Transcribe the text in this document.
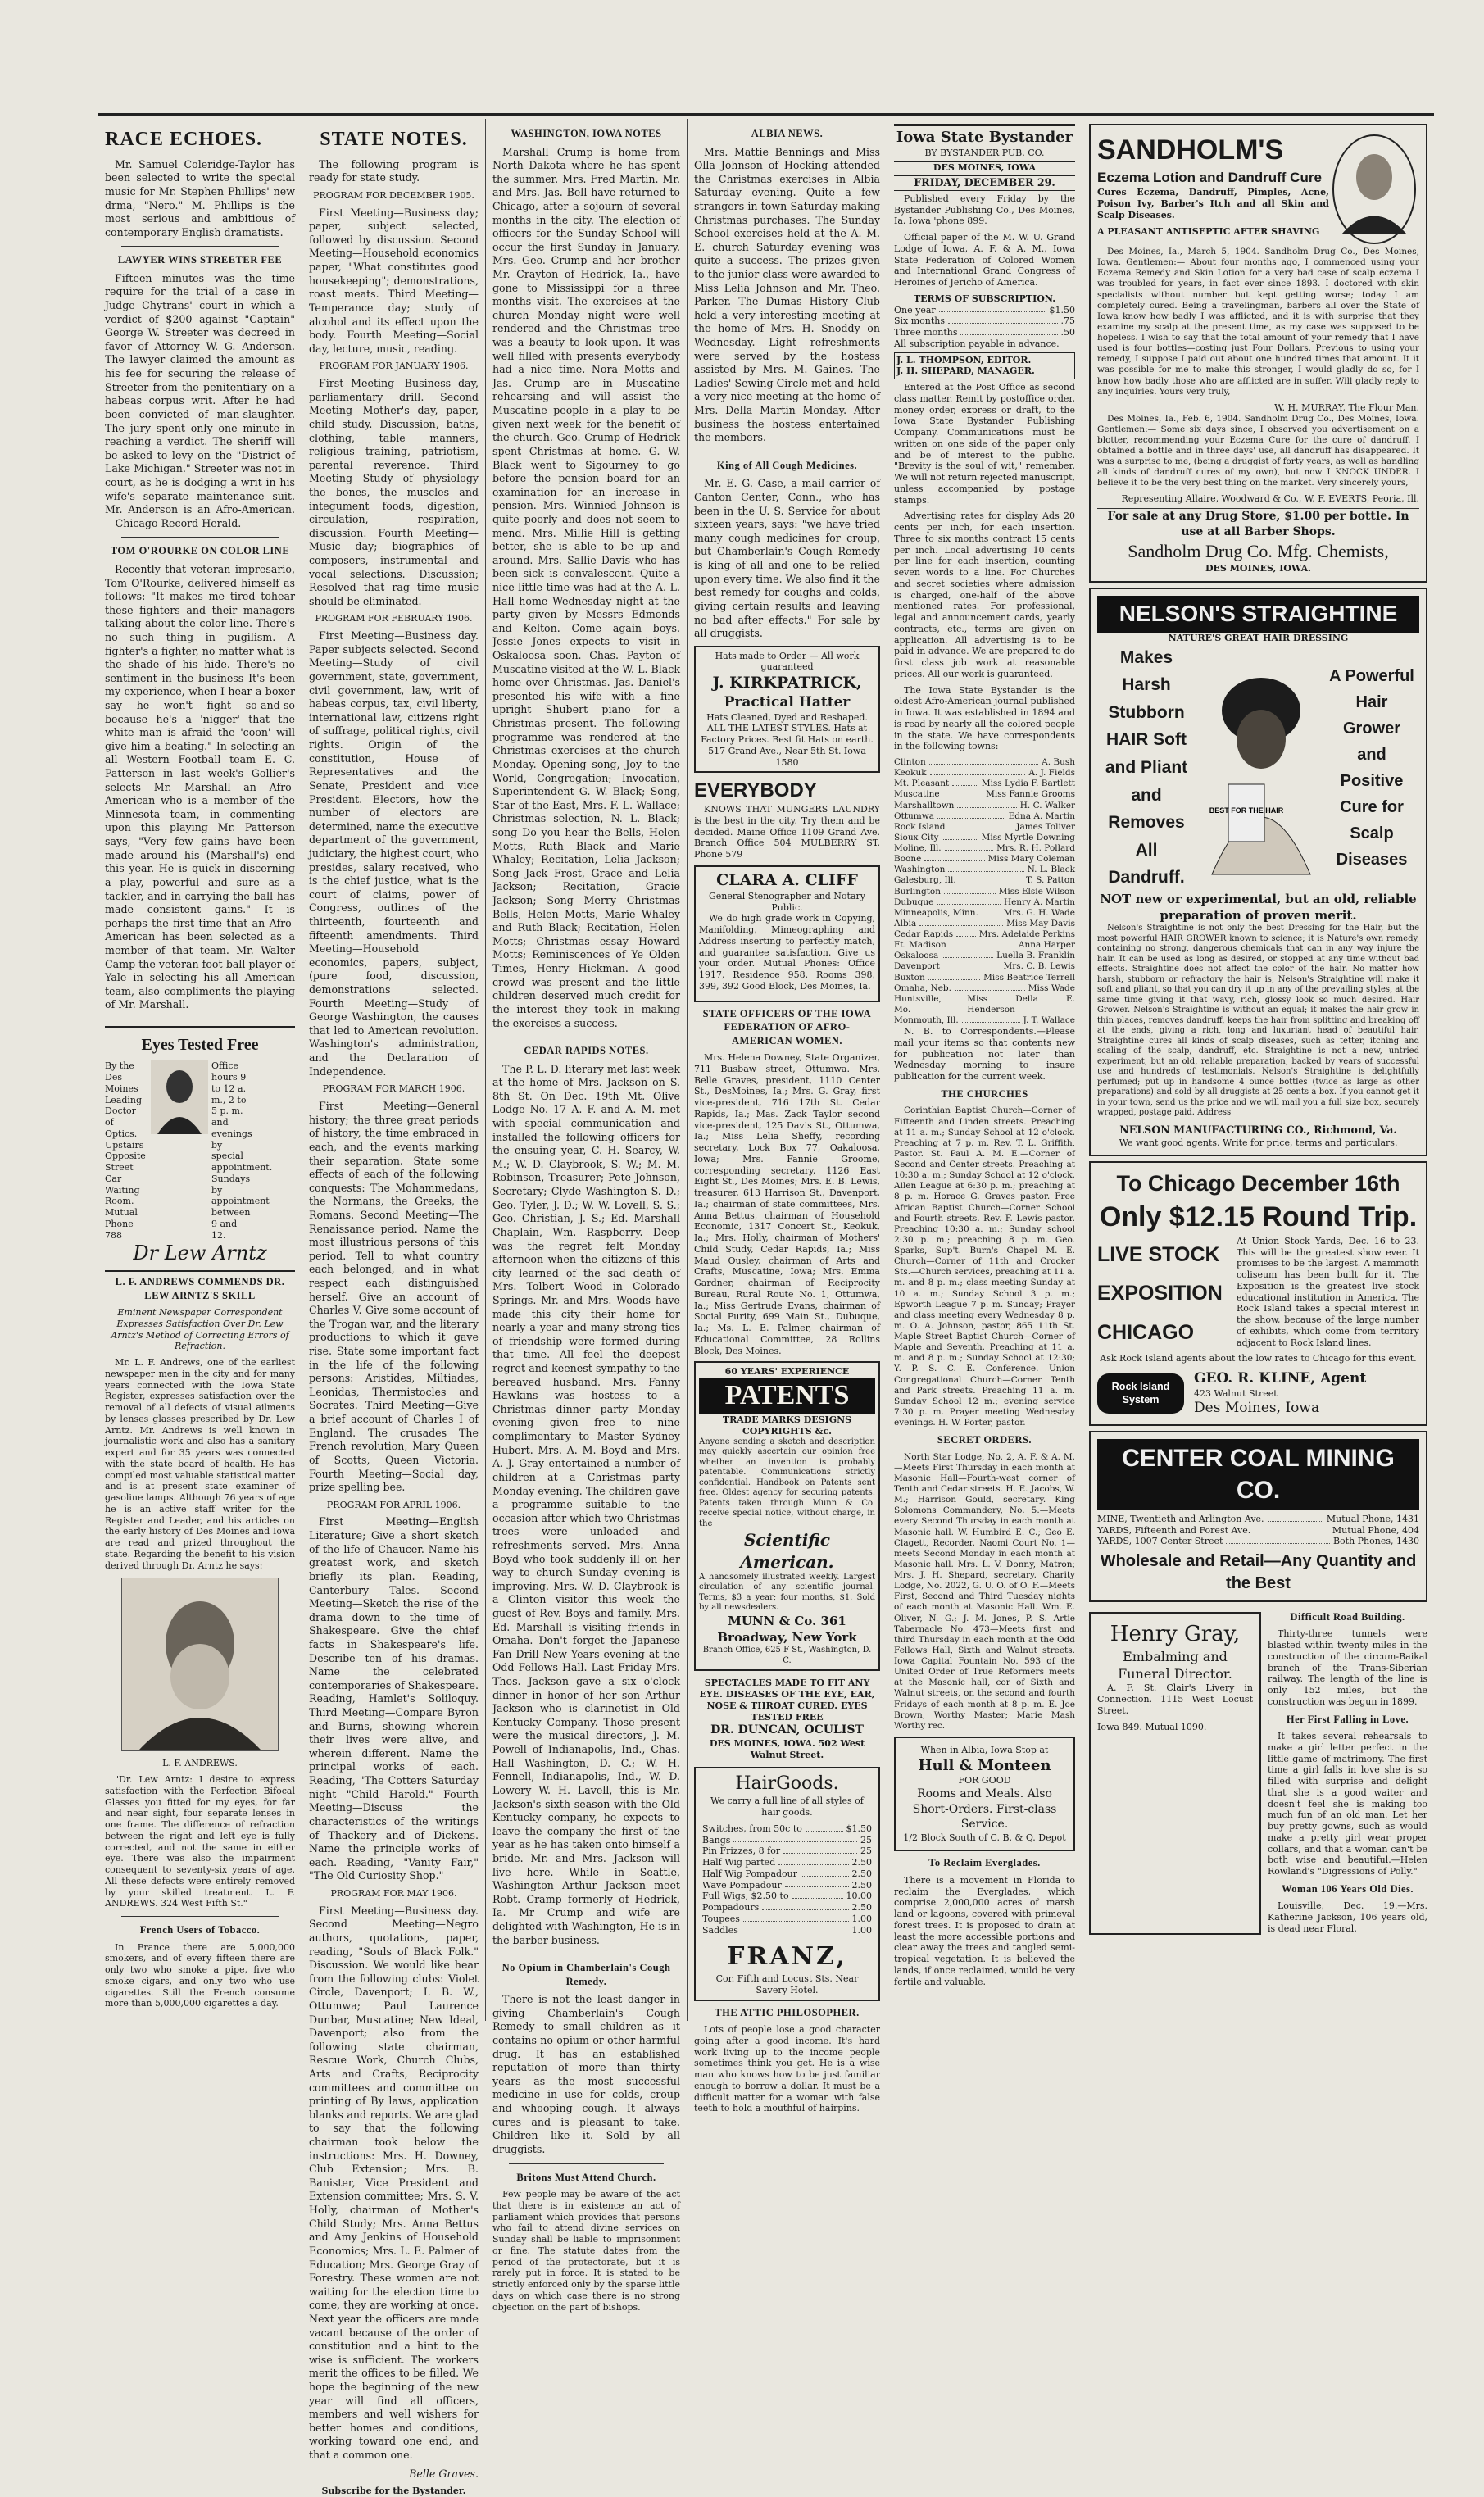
RACE ECHOES.

Mr. Samuel Coleridge-Taylor has been selected to write the special music for Mr. Stephen Phillips' new drma, "Nero." M. Phillips is the most serious and ambitious of contemporary English dramatists.

LAWYER WINS STREETER FEE

Fifteen minutes was the time require for the trial of a case in Judge Chytrans' court in which a verdict of $200 against "Captain" George W. Streeter was decreed in favor of Attorney W. G. Anderson. The lawyer claimed the amount as his fee for securing the release of Streeter from the penitentiary on a habeas corpus writ. After he had been convicted of man-slaughter. The jury spent only one minute in reaching a verdict. The sheriff will be asked to levy on the "District of Lake Michigan." Streeter was not in court, as he is dodging a writ in his wife's separate maintenance suit. Mr. Anderson is an Afro-American.—Chicago Record Herald.

TOM O'ROURKE ON COLOR LINE

Recently that veteran impresario, Tom O'Rourke, delivered himself as follows: "It makes me tired tohear these fighters and their managers talking about the color line. There's no such thing in pugilism. A fighter's a fighter, no matter what is the shade of his hide. There's no sentiment in the business It's been my experience, when I hear a boxer say he won't fight so-and-so because he's a 'nigger' that the white man is afraid the 'coon' will give him a beating." In selecting an all Western Football team E. C. Patterson in last week's Gollier's selects Mr. Marshall an Afro-American who is a member of the Minnesota team, in commenting upon this playing Mr. Patterson says, "Very few gains have been made around his (Marshall's) end this year. He is quick in discerning a play, powerful and sure as a tackler, and in carrying the ball has made consistent gains." It is perhaps the first time that an Afro-American has been selected as a member of that team. Mr. Walter Camp the veteran foot-ball player of Yale in selecting his all American team, also compliments the playing of Mr. Marshall.

Eyes Tested Free
By the Des Moines Leading Doctor of Optics. Upstairs Opposite Street Car Waiting Room. Mutual Phone 788
Office hours 9 to 12 a. m., 2 to 5 p. m. and evenings by special appointment. Sundays by appointment between 9 and 12.
Dr Lew Arntz
L. F. ANDREWS COMMENDS DR. LEW ARNTZ'S SKILL

Eminent Newspaper Correspondent Expresses Satisfaction Over Dr. Lew Arntz's Method of Correcting Errors of Refraction.

Mr. L. F. Andrews, one of the earliest newspaper men in the city and for many years connected with the Iowa State Register, expresses satisfaction over the removal of all defects of visual ailments by lenses glasses prescribed by Dr. Lew Arntz. Mr. Andrews is well known in journalistic work and also has a sanitary expert and for 35 years was connected with the state board of health. He has compiled most valuable statistical matter and is at present state examiner of gasoline lamps. Although 76 years of age he is an active staff writer for the Register and Leader, and his articles on the early history of Des Moines and Iowa are read and prized throughout the state. Regarding the benefit to his vision derived through Dr. Arntz he says:

L. F. ANDREWS.

"Dr. Lew Arntz: I desire to express satisfaction with the Perfection Bifocal Glasses you fitted for my eyes, for far and near sight, four separate lenses in one frame. The difference of refraction between the right and left eye is fully corrected, and not the same in either eye. There was also the impairment consequent to seventy-six years of age. All these defects were entirely removed by your skilled treatment. L. F. ANDREWS. 324 West Fifth St."

French Users of Tobacco.

In France there are 5,000,000 smokers, and of every fifteen there are only two who smoke a pipe, five who smoke cigars, and only two who use cigarettes. Still the French consume more than 5,000,000 cigarettes a day.

STATE NOTES.

The following program is ready for state study.

PROGRAM FOR DECEMBER 1905.

First Meeting—Business day; paper, subject selected, followed by discussion. Second Meeting—Household economics paper, "What constitutes good housekeeping"; demonstrations, roast meats. Third Meeting—Temperance day; study of alcohol and its effect upon the body. Fourth Meeting—Social day, lecture, music, reading.

PROGRAM FOR JANUARY 1906.

First Meeting—Business day, parliamentary drill. Second Meeting—Mother's day, paper, child study. Discussion, baths, clothing, table manners, religious training, patriotism, parental reverence. Third Meeting—Study of physiology the bones, the muscles and integument foods, digestion, circulation, respiration, discussion. Fourth Meeting—Music day; biographies of composers, instrumental and vocal selections. Discussion; Resolved that rag time music should be eliminated.

PROGRAM FOR FEBRUARY 1906.

First Meeting—Business day. Paper subjects selected. Second Meeting—Study of civil government, state, government, civil government, law, writ of habeas corpus, tax, civil liberty, international law, citizens right of suffrage, political rights, civil rights. Origin of the constitution, House of Representatives and the Senate, President and vice President. Electors, how the number of electors are determined, name the executive department of the government, judiciary, the highest court, who presides, salary received, who is the chief justice, what is the court of claims, power of Congress, outlines of the thirteenth, fourteenth and fifteenth amendments. Third Meeting—Household economics, papers, subject, (pure food, discussion, demonstrations selected. Fourth Meeting—Study of George Washington, the causes that led to American revolution. Washington's administration, and the Declaration of Independence.

PROGRAM FOR MARCH 1906.

First Meeting—General history; the three great periods of history, the time embraced in each, and the events marking their separation. State some effects of each of the following conquests: The Mohammedans, the Normans, the Greeks, the Romans. Second Meeting—The Renaissance period. Name the most illustrious persons of this period. Tell to what country each belonged, and in what respect each distinguished herself. Give an account of Charles V. Give some account of the Trogan war, and the literary productions to which it gave rise. State some important fact in the life of the following persons: Aristides, Miltiades, Leonidas, Thermistocles and Socrates. Third Meeting—Give a brief account of Charles I of England. The crusades The French revolution, Mary Queen of Scotts, Queen Victoria. Fourth Meeting—Social day, prize spelling bee.

PROGRAM FOR APRIL 1906.

First Meeting—English Literature; Give a short sketch of the life of Chaucer. Name his greatest work, and sketch briefly its plan. Reading, Canterbury Tales. Second Meeting—Sketch the rise of the drama down to the time of Shakespeare. Give the chief facts in Shakespeare's life. Describe ten of his dramas. Name the celebrated contemporaries of Shakespeare. Reading, Hamlet's Soliloquy. Third Meeting—Compare Byron and Burns, showing wherein their lives were alive, and wherein different. Name the principal works of each. Reading, "The Cotters Saturday night "Child Harold." Fourth Meeting—Discuss the characteristics of the writings of Thackery and of Dickens. Name the principle works of each. Reading, "Vanity Fair," "The Old Curiosity Shop."

PROGRAM FOR MAY 1906.

First Meeting—Business day. Second Meeting—Negro authors, quotations, paper, reading, "Souls of Black Folk." Discussion. We would like hear from the following clubs: Violet Circle, Davenport; I. B. W., Ottumwa; Paul Laurence Dunbar, Muscatine; New Ideal, Davenport; also from the following state chairman, Rescue Work, Church Clubs, Arts and Crafts, Reciprocity committees and committee on printing of By laws, application blanks and reports. We are glad to say that the following chairman took below the instructions: Mrs. H. Downey, Club Extension; Mrs. B. Banister, Vice President and Extension committee; Mrs. S. V. Holly, chairman of Mother's Child Study; Mrs. Anna Bettus and Amy Jenkins of Household Economics; Mrs. L. E. Palmer of Education; Mrs. George Gray of Forestry. These women are not waiting for the election time to come, they are working at once. Next year the officers are made vacant because of the order of constitution and a hint to the wise is sufficient. The workers merit the offices to be filled. We hope the beginning of the new year will find all officers, members and well wishers for better homes and conditions, working toward one end, and that a common one.

Belle Graves.

Subscribe for the Bystander.

WASHINGTON, IOWA NOTES

Marshall Crump is home from North Dakota where he has spent the summer. Mrs. Fred Martin. Mr. and Mrs. Jas. Bell have returned to Chicago, after a sojourn of several months in the city. The election of officers for the Sunday School will occur the first Sunday in January. Mrs. Geo. Crump and her brother Mr. Crayton of Hedrick, Ia., have gone to Mississippi for a three months visit. The exercises at the church Monday night were well rendered and the Christmas tree was a beauty to look upon. It was well filled with presents everybody had a nice time. Nora Motts and Jas. Crump are in Muscatine rehearsing and will assist the Muscatine people in a play to be given next week for the benefit of the church. Geo. Crump of Hedrick spent Christmas at home. G. W. Black went to Sigourney to go before the pension board for an examination for an increase in pension. Mrs. Winnied Johnson is quite poorly and does not seem to mend. Mrs. Millie Hill is getting better, she is able to be up and around. Mrs. Sallie Davis who has been sick is convalescent. Quite a nice little time was had at the A. L. Hall home Wednesday night at the party given by Messrs Edmonds and Kelton. Come again boys. Jessie Jones expects to visit in Oskaloosa soon. Chas. Payton of Muscatine visited at the W. L. Black home over Christmas. Jas. Daniel's presented his wife with a fine upright Shubert piano for a Christmas present. The following programme was rendered at the Christmas exercises at the church Monday. Opening song, Joy to the World, Congregation; Invocation, Superintendent G. W. Black; Song, Star of the East, Mrs. F. L. Wallace; Christmas selection, N. L. Black; song Do you hear the Bells, Helen Motts, Ruth Black and Marie Whaley; Recitation, Lelia Jackson; Song Jack Frost, Grace and Lelia Jackson; Recitation, Gracie Jackson; Song Merry Christmas Bells, Helen Motts, Marie Whaley and Ruth Black; Recitation, Helen Motts; Christmas essay Howard Motts; Reminiscences of Ye Olden Times, Henry Hickman. A good crowd was present and the little children deserved much credit for the interest they took in making the exercises a success.

CEDAR RAPIDS NOTES.

The P. L. D. literary met last week at the home of Mrs. Jackson on S. 8th St. On Dec. 19th Mt. Olive Lodge No. 17 A. F. and A. M. met with special communication and installed the following officers for the ensuing year, C. H. Searcy, W. M.; W. D. Claybrook, S. W.; M. M. Robinson, Treasurer; Pete Johnson, Secretary; Clyde Washington S. D.; Geo. Tyler, J. D.; W. W. Lovell, S. S.; Geo. Christian, J. S.; Ed. Marshall Chaplain, Wm. Raspberry. Deep was the regret felt Monday afternoon when the citizens of this city learned of the sad death of Mrs. Tolbert Wood in Colorado Springs. Mr. and Mrs. Woods have made this city their home for nearly a year and many strong ties of friendship were formed during that time. All feel the deepest regret and keenest sympathy to the bereaved husband. Mrs. Fanny Hawkins was hostess to a Christmas dinner party Monday evening given free to nine complimentary to Master Sydney Hubert. Mrs. A. M. Boyd and Mrs. A. J. Gray entertained a number of children at a Christmas party Monday evening. The children gave a programme suitable to the occasion after which two Christmas trees were unloaded and refreshments served. Mrs. Anna Boyd who took suddenly ill on her way to church Sunday evening is improving. Mrs. W. D. Claybrook is a Clinton visitor this week the guest of Rev. Boys and family. Mrs. Ed. Marshall is visiting friends in Omaha. Don't forget the Japanese Fan Drill New Years evening at the Odd Fellows Hall. Last Friday Mrs. Thos. Jackson gave a six o'clock dinner in honor of her son Arthur Jackson who is clarinetist in Old Kentucky Company. Those present were the musical directors, J. M. Powell of Indianapolis, Ind., Chas. Hall Washington, D. C.; W. H. Fennell, Indianapolis, Ind., W. D. Lowery W. H. Lavell, this is Mr. Jackson's sixth season with the Old Kentucky company, he expects to leave the company the first of the year as he has taken onto himself a bride. Mr. and Mrs. Jackson will live here. While in Seattle, Washington Arthur Jackson meet Robt. Cramp formerly of Hedrick, Ia. Mr Crump and wife are delighted with Washington, He is in the barber business.

No Opium in Chamberlain's Cough Remedy.

There is not the least danger in giving Chamberlain's Cough Remedy to small children as it contains no opium or other harmful drug. It has an established reputation of more than thirty years as the most successful medicine in use for colds, croup and whooping cough. It always cures and is pleasant to take. Children like it. Sold by all druggists.

Britons Must Attend Church.

Few people may be aware of the act that there is in existence an act of parliament which provides that persons who fail to attend divine services on Sunday shall be liable to imprisonment or fine. The statute dates from the period of the protectorate, but it is rarely put in force. It is stated to be strictly enforced only by the sparse little days on which case there is no strong objection on the part of bishops.

ALBIA NEWS.

Mrs. Mattie Bennings and Miss Olla Johnson of Hocking attended the Christmas exercises in Albia Saturday evening. Quite a few strangers in town Saturday making Christmas purchases. The Sunday School exercises held at the A. M. E. church Saturday evening was quite a success. The prizes given to the junior class were awarded to Miss Lelia Johnson and Mr. Theo. Parker. The Dumas History Club held a very interesting meeting at the home of Mrs. H. Snoddy on Wednesday. Light refreshments were served by the hostess assisted by Mrs. M. Gaines. The Ladies' Sewing Circle met and held a very nice meeting at the home of Mrs. Della Martin Monday. After business the hostess entertained the members.

King of All Cough Medicines.

Mr. E. G. Case, a mail carrier of Canton Center, Conn., who has been in the U. S. Service for about sixteen years, says: "we have tried many cough medicines for croup, but Chamberlain's Cough Remedy is king of all and one to be relied upon every time. We also find it the best remedy for coughs and colds, giving certain results and leaving no bad after effects." For sale by all druggists.

Hats made to Order — All work guaranteed
J. KIRKPATRICK,
Practical Hatter
Hats Cleaned, Dyed and Reshaped. ALL THE LATEST STYLES. Hats at Factory Prices. Best fit Hats on earth. 517 Grand Ave., Near 5th St. Iowa 1580
EVERYBODY

KNOWS THAT MUNGERS LAUNDRY is the best in the city. Try them and be decided. Maine Office 1109 Grand Ave. Branch Office 504 MULBERRY ST. Phone 579

CLARA A. CLIFF
General Stenographer and Notary Public.

We do high grade work in Copying, Manifolding, Mimeographing and Address inserting to perfectly match, and guarantee satisfaction. Give us your order. Mutual Phones: Office 1917, Residence 958. Rooms 398, 399, 392 Good Block, Des Moines, Ia.

STATE OFFICERS OF THE IOWA FEDERATION OF AFRO-AMERICAN WOMEN.

Mrs. Helena Downey, State Organizer, 711 Busbaw street, Ottumwa. Mrs. Belle Graves, president, 1110 Center St., DesMoines, Ia.; Mrs. G. Gray, first vice-president, 716 17th St. Cedar Rapids, Ia.; Mas. Zack Taylor second vice-president, 125 Davis St., Ottumwa, Ia.; Miss Lelia Sheffy, recording secretary, Lock Box 77, Oakaloosa, Iowa; Mrs. Fannie Groome, corresponding secretary, 1126 East Eight St., Des Moines; Mrs. E. B. Lewis, treasurer, 613 Harrison St., Davenport, Ia.; chairman of state committees, Mrs. Anna Bettus, chairman of Household Economic, 1317 Concert St., Keokuk, Ia.; Mrs. Holly, chairman of Mothers' Child Study, Cedar Rapids, Ia.; Miss Maud Ousley, chairman of Arts and Crafts, Muscatine, Iowa; Mrs. Emma Gardner, chairman of Reciprocity Bureau, Rural Route No. 1, Ottumwa, Ia.; Miss Gertrude Evans, chairman of Social Purity, 699 Main St., Dubuque, Ia.; Ms. L. E. Palmer, chairman of Educational Committee, 28 Rollins Block, Des Moines.

60 YEARS' EXPERIENCE
PATENTS
TRADE MARKS DESIGNS COPYRIGHTS &c.
Anyone sending a sketch and description may quickly ascertain our opinion free whether an invention is probably patentable. Communications strictly confidential. Handbook on Patents sent free. Oldest agency for securing patents. Patents taken through Munn & Co. receive special notice, without charge, in the
Scientific American.
A handsomely illustrated weekly. Largest circulation of any scientific journal. Terms, $3 a year; four months, $1. Sold by all newsdealers.
MUNN & Co. 361 Broadway, New York
Branch Office, 625 F St., Washington, D. C.
SPECTACLES MADE TO FIT ANY EYE. DISEASES OF THE EYE, EAR, NOSE & THROAT CURED. EYES TESTED FREE
DR. DUNCAN, OCULIST
DES MOINES, IOWA. 502 West Walnut Street.
HairGoods.

We carry a full line of all styles of hair goods.

Switches, from 50c to	$1.50
Bangs	25
Pin Frizzes, 8 for	25
Half Wig parted	2.50
Half Wig Pompadour	2.50
Wave Pompadour	2.50
Full Wigs, $2.50 to	10.00
Pompadours	2.50
Toupees	1.00
Saddles	1.00
FRANZ,
Cor. Fifth and Locust Sts. Near Savery Hotel.
THE ATTIC PHILOSOPHER.

Lots of people lose a good character going after a good income. It's hard work living up to the income people sometimes think you get. He is a wise man who knows how to be just familiar enough to borrow a dollar. It must be a difficult matter for a woman with false teeth to hold a mouthful of hairpins.

Iowa State Bystander
BY BYSTANDER PUB. CO.
DES MOINES, IOWA
FRIDAY, DECEMBER 29.

Published every Friday by the Bystander Publishing Co., Des Moines, Ia. Iowa 'phone 899.

Official paper of the M. W. U. Grand Lodge of Iowa, A. F. & A. M., Iowa State Federation of Colored Women and International Grand Congress of Heroines of Jericho of America.

TERMS OF SUBSCRIPTION.
One year	$1.50
Six months	.75
Three months	.50
All subscription payable in advance.
J. L. THOMPSON, EDITOR.
J. H. SHEPARD, MANAGER.

Entered at the Post Office as second class matter. Remit by postoffice order, money order, express or draft, to the Iowa State Bystander Publishing Company. Communications must be written on one side of the paper only and be of interest to the public. "Brevity is the soul of wit," remember. We will not return rejected manuscript, unless accompanied by postage stamps.

Advertising rates for display Ads 20 cents per inch, for each insertion. Three to six months contract 15 cents per inch. Local advertising 10 cents per line for each insertion, counting seven words to a line. For Churches and secret societies where admission is charged, one-half of the above mentioned rates. For professional, legal and announcement cards, yearly contracts, etc., terms are given on application. All advertising is to be paid in advance. We are prepared to do first class job work at reasonable prices. All our work is guaranteed.

The Iowa State Bystander is the oldest Afro-American journal published in Iowa. It was established in 1894 and is read by nearly all the colored people in the state. We have correspondents in the following towns:

Clinton	A. Bush
Keokuk	A. J. Fields
Mt. Pleasant	Miss Lydia F. Bartlett
Muscatine	Miss Fannie Grooms
Marshalltown	H. C. Walker
Ottumwa	Edna A. Martin
Rock Island	James Toliver
Sioux City	Miss Myrtle Downing
Moline, Ill.	Mrs. R. H. Pollard
Boone	Miss Mary Coleman
Washington	N. L. Black
Galesburg, Ill.	T. S. Patton
Burlington	Miss Elsie Wilson
Dubuque	Henry A. Martin
Minneapolis, Minn.	Mrs. G. H. Wade
Albia	Miss May Davis
Cedar Rapids	Mrs. Adelaide Perkins
Ft. Madison	Anna Harper
Oskaloosa	Luella B. Franklin
Davenport	Mrs. C. B. Lewis
Buxton	Miss Beatrice Terrell
Omaha, Neb.	Miss Wade
Huntsville, Mo.
Miss Della E. Henderson
Monmouth, Ill.	J. T. Wallace

N. B. to Correspondents.—Please mail your items so that contents new for publication not later than Wednesday morning to insure publication for the current week.

THE CHURCHES

Corinthian Baptist Church—Corner of Fifteenth and Linden streets. Preaching at 11 a. m.; Sunday School at 12 o'clock. Preaching at 7 p. m. Rev. T. L. Griffith, Pastor. St. Paul A. M. E.—Corner of Second and Center streets. Preaching at 10:30 a. m.; Sunday School at 12 o'clock. Allen League at 6:30 p. m.; preaching at 8 p. m. Horace G. Graves pastor. Free African Baptist Church—Corner School and Fourth streets. Rev. F. Lewis pastor. Preaching 10:30 a. m.; Sunday school 2:30 p. m.; preaching 8 p. m. Geo. Sparks, Sup't. Burn's Chapel M. E. Church—Corner of 11th and Crocker Sts.—Church services, preaching at 11 a. m. and 8 p. m.; class meeting Sunday at 10 a. m.; Sunday School 3 p. m.; Epworth League 7 p. m. Sunday; Prayer and class meeting every Wednesday 8 p. m. O. A. Johnson, pastor, 865 11th St. Maple Street Baptist Church—Corner of Maple and Seventh. Preaching at 11 a. m. and 8 p. m.; Sunday School at 12:30; Y. P. S. C. E. Conference. Union Congregational Church—Corner Tenth and Park streets. Preaching 11 a. m. Sunday School 12 m.; evening service 7:30 p. m. Prayer meeting Wednesday evenings. H. W. Porter, pastor.

SECRET ORDERS.

North Star Lodge, No. 2, A. F. & A. M.—Meets First Thursday in each month at Masonic Hall—Fourth-west corner of Tenth and Cedar streets. H. E. Jacobs, W. M.; Harrison Gould, secretary. King Solomons Commandery, No. 5.—Meets every Second Thursday in each month at Masonic hall. W. Humbird E. C.; Geo E. Clagett, Recorder. Naomi Court No. 1—meets Second Monday in each month at Masonic hall. Mrs. L. V. Donny, Matron; Mrs. J. H. Shepard, secretary. Charity Lodge, No. 2022, G. U. O. of O. F.—Meets First, Second and Third Tuesday nights of each month at Masonic Hall. Wm. E. Oliver, N. G.; J. M. Jones, P. S. Artie Tabernacle No. 473—Meets first and third Thursday in each month at the Odd Fellows Hall, Sixth and Walnut streets. Iowa Capital Fountain No. 593 of the United Order of True Reformers meets at the Masonic hall, cor of Sixth and Walnut streets, on the second and fourth Fridays of each month at 8 p. m. E. Joe Brown, Worthy Master; Marie Mash Worthy rec.

When in Albia, Iowa Stop at
Hull & Monteen
FOR GOOD
Rooms and Meals. Also Short-Orders. First-class Service.
1/2 Block South of C. B. & Q. Depot
To Reclaim Everglades.

There is a movement in Florida to reclaim the Everglades, which comprise 2,000,000 acres of marsh land or lagoons, covered with primeval forest trees. It is proposed to drain at least the more accessible portions and clear away the trees and tangled semi-tropical vegetation. It is believed the lands, if once reclaimed, would be very fertile and valuable.

SANDHOLM'S
Eczema Lotion and Dandruff Cure

Cures Eczema, Dandruff, Pimples, Acne, Poison Ivy, Barber's Itch and all Skin and Scalp Diseases.

A PLEASANT ANTISEPTIC AFTER SHAVING

Des Moines, Ia., March 5, 1904. Sandholm Drug Co., Des Moines, Iowa. Gentlemen:— About four months ago, I commenced using your Eczema Remedy and Skin Lotion for a very bad case of scalp eczema I was troubled for years, in fact ever since 1893. I doctored with skin specialists without number but kept getting worse; today I am completely cured. Being a travelingman, barbers all over the State of Iowa know how badly I was afflicted, and it is with surprise that they examine my scalp at the present time, as my case was supposed to be hopeless. I wish to say that the total amount of your remedy that I have used is four bottles—costing just Four Dollars. Previous to using your remedy, I suppose I paid out about one hundred times that amount. It it was possible for me to make this stronger, I would gladly do so, for I know how badly those who are afflicted are in suffer. Will gladly reply to any inquiries. Yours very truly,

W. H. MURRAY, The Flour Man.

Des Moines, Ia., Feb. 6, 1904. Sandholm Drug Co., Des Moines, Iowa. Gentlemen:— Some six days since, I observed you advertisement on a blotter, recommending your Eczema Cure for the cure of dandruff. I obtained a bottle and in three days' use, all dandruff has disappeared. It was a surprise to me, (being a druggist of forty years, as well as handling all kinds of dandruff cures of my own), but now I KNOCK UNDER. I believe it to be the very best thing on the market. Very sincerely yours,

Representing Allaire, Woodward & Co., W. F. EVERTS, Peoria, Ill.
For sale at any Drug Store, $1.00 per bottle. In use at all Barber Shops.
Sandholm Drug Co. Mfg. Chemists,
DES MOINES, IOWA.
NELSON'S STRAIGHTINE
NATURE'S GREAT HAIR DRESSING
Makes Harsh Stubborn HAIR Soft and Pliant and Removes All Dandruff.
BEST FOR THE HAIR
A Powerful Hair Grower and Positive Cure for Scalp Diseases
NOT new or experimental, but an old, reliable preparation of proven merit.

Nelson's Straightine is not only the best Dressing for the Hair, but the most powerful HAIR GROWER known to science; it is Nature's own remedy, containing no strong, dangerous chemicals that can in any way injure the hair. It can be used as long as desired, or stopped at any time without bad effects. Straightine does not affect the color of the hair. No matter how harsh, stubborn or refractory the hair is, Nelson's Straightine will make it soft and pliant, so that you can dry it up in any of the prevailing styles, at the same time giving it that wavy, rich, glossy look so much desired. Hair Grower. Nelson's Straightine is without an equal; it makes the hair grow in thin places, removes dandruff, keeps the hair from splitting and breaking off at the ends, giving a rich, long and luxuriant head of beautiful hair. Straightine cures all kinds of scalp diseases, such as tetter, itching and scaling of the scalp, dandruff, etc. Straightine is not a new, untried experiment, but an old, reliable preparation, backed by years of successful use and hundreds of testimonials. Nelson's Straightine is delightfully perfumed; put up in handsome 4 ounce bottles (twice as large as other preparations) and sold by all druggists at 25 cents a box. If you cannot get it in your town, send us the price and we will mail you a full size box, securely wrapped, postage paid. Address

NELSON MANUFACTURING CO., Richmond, Va.
We want good agents. Write for price, terms and particulars.
To Chicago December 16th
Only $12.15 Round Trip.
LIVE STOCK EXPOSITION CHICAGO

At Union Stock Yards, Dec. 16 to 23. This will be the greatest show ever. It promises to be the largest. A mammoth coliseum has been built for it. The Exposition is the greatest live stock educational institution in America. The Rock Island takes a special interest in the show, because of the large number of exhibits, which come from territory adjacent to Rock Island lines.

Ask Rock Island agents about the low rates to Chicago for this event.

Rock Island System
GEO. R. KLINE, Agent
423 Walnut Street
Des Moines, Iowa
CENTER COAL MINING CO.
MINE, Twentieth and Arlington Ave.	Mutual Phone, 1431
YARDS, Fifteenth and Forest Ave.	Mutual Phone, 404
YARDS, 1007 Center Street	Both Phones, 1430
Wholesale and Retail—Any Quantity and the Best
Henry Gray,
Embalming and Funeral Director.

A. F. St. Clair's Livery in Connection. 1115 West Locust Street.

Iowa 849. Mutual 1090.
Difficult Road Building.

Thirty-three tunnels were blasted within twenty miles in the construction of the circum-Baikal branch of the Trans-Siberian railway. The length of the line is only 152 miles, but the construction was begun in 1899.

Her First Falling in Love.

It takes several rehearsals to make a girl letter perfect in the little game of matrimony. The first time a girl falls in love she is so filled with surprise and delight that she is a good waiter and doesn't feel she is making too much fun of an old man. Let her buy pretty gowns, such as would make a pretty girl wear proper collars, and that a woman can't be both wise and beautiful.—Helen Rowland's "Digressions of Polly."

Woman 106 Years Old Dies.

Louisville, Dec. 19.—Mrs. Katherine Jackson, 106 years old, is dead near Floral.
